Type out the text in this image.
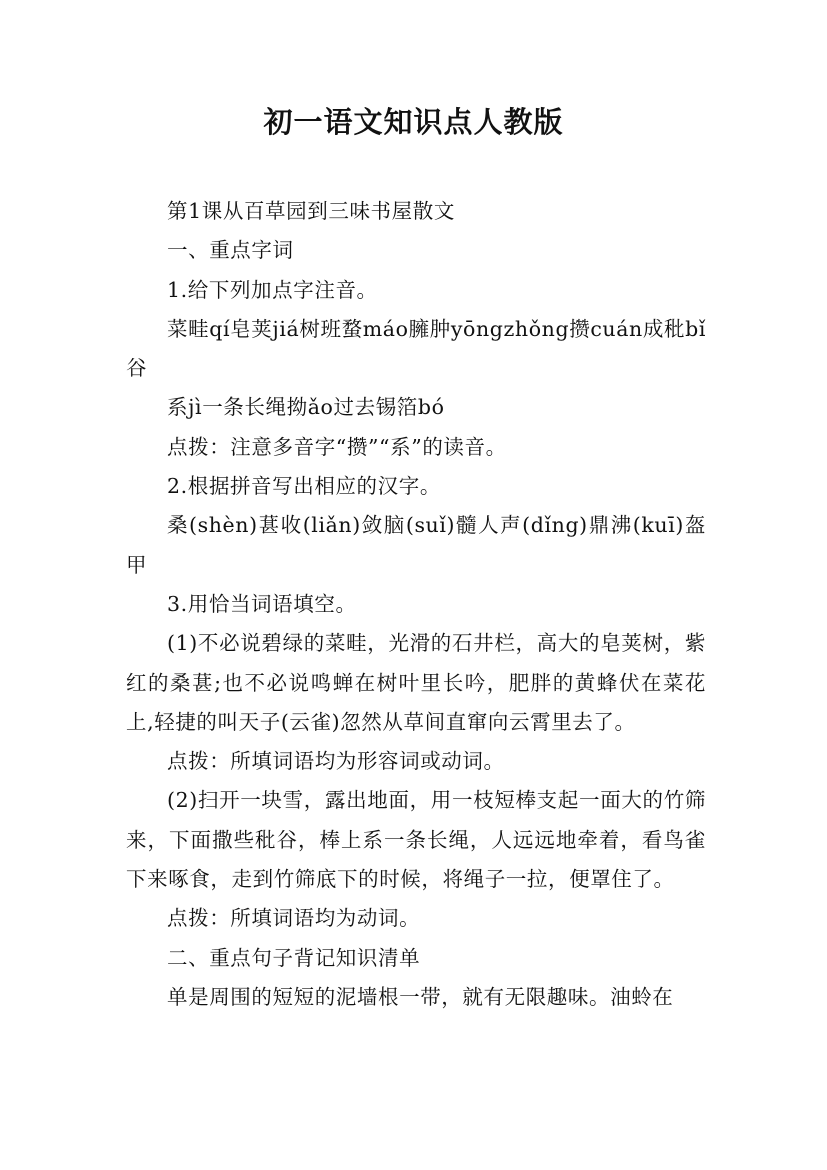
初一语文知识点人教版

第1课从百草园到三味书屋散文

一、重点字词

1.给下列加点字注音。

菜畦qí皂荚jiá树班蝥máo臃肿yōngzhǒng攒cuán成秕bǐ谷

系jì一条长绳拗ǎo过去锡箔bó

点拨：注意多音字“攒”“系”的读音。

2.根据拼音写出相应的汉字。

桑(shèn)葚收(liǎn)敛脑(suǐ)髓人声(dǐng)鼎沸(kuī)盔甲

3.用恰当词语填空。

(1)不必说碧绿的菜畦，光滑的石井栏，高大的皂荚树，紫红的桑葚;也不必说鸣蝉在树叶里长吟，肥胖的黄蜂伏在菜花上,轻捷的叫天子(云雀)忽然从草间直窜向云霄里去了。

点拨：所填词语均为形容词或动词。

(2)扫开一块雪，露出地面，用一枝短棒支起一面大的竹筛来，下面撒些秕谷，棒上系一条长绳，人远远地牵着，看鸟雀下来啄食，走到竹筛底下的时候，将绳子一拉，便罩住了。

点拨：所填词语均为动词。

二、重点句子背记知识清单

单是周围的短短的泥墙根一带，就有无限趣味。油蛉在
